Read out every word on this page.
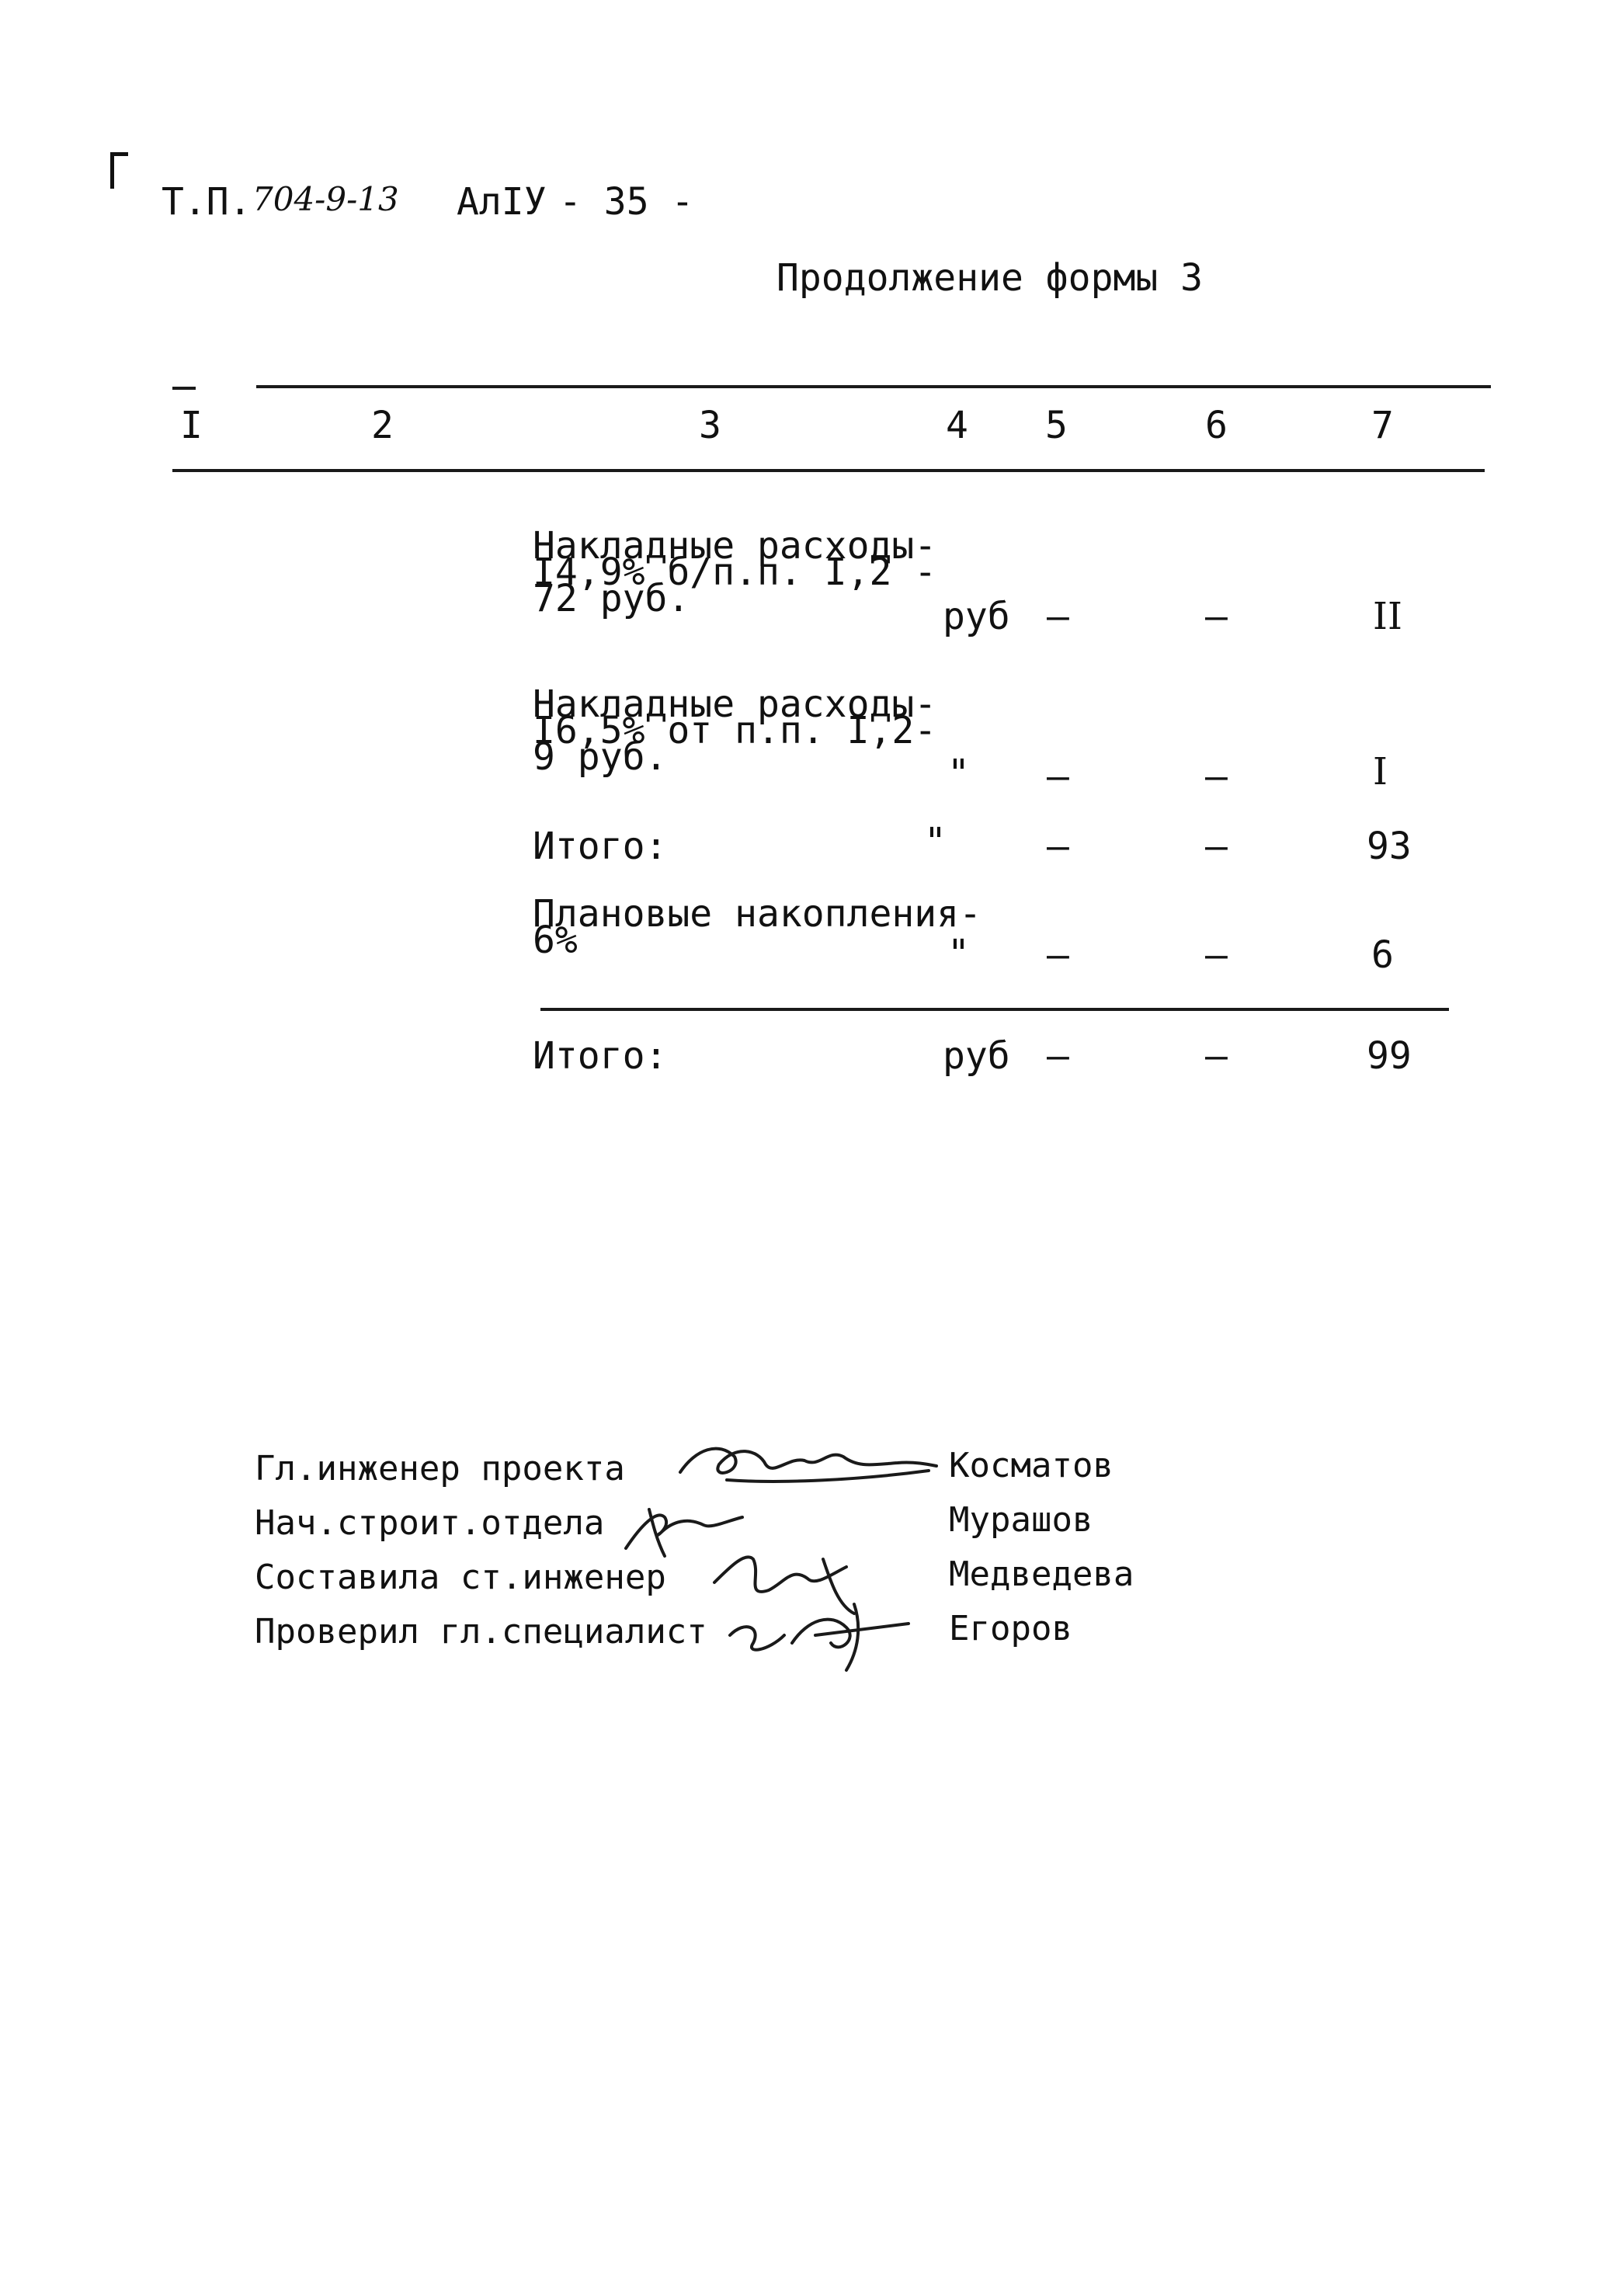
Т.П. 704-9-13 АлIУ - 35 -
Продолжение формы 3
I	2	3	4 5	6	7
Накладные расходы-
I4,9% б/п.п. I,2 -
72 руб.	руб –	–	II
Накладные расходы-
I6,5% от п.п. I,2-
9 руб.	" –	–	I
Итого:	"	–	–	93
Плановые накопления-
6%	" –	–	6
Итого:	руб –	–	99
Гл.инженер проекта	Косматов
Нач.строит.отдела	Мурашов
Составила ст.инженер	Медведева
Проверил гл.специалист	Егоров
